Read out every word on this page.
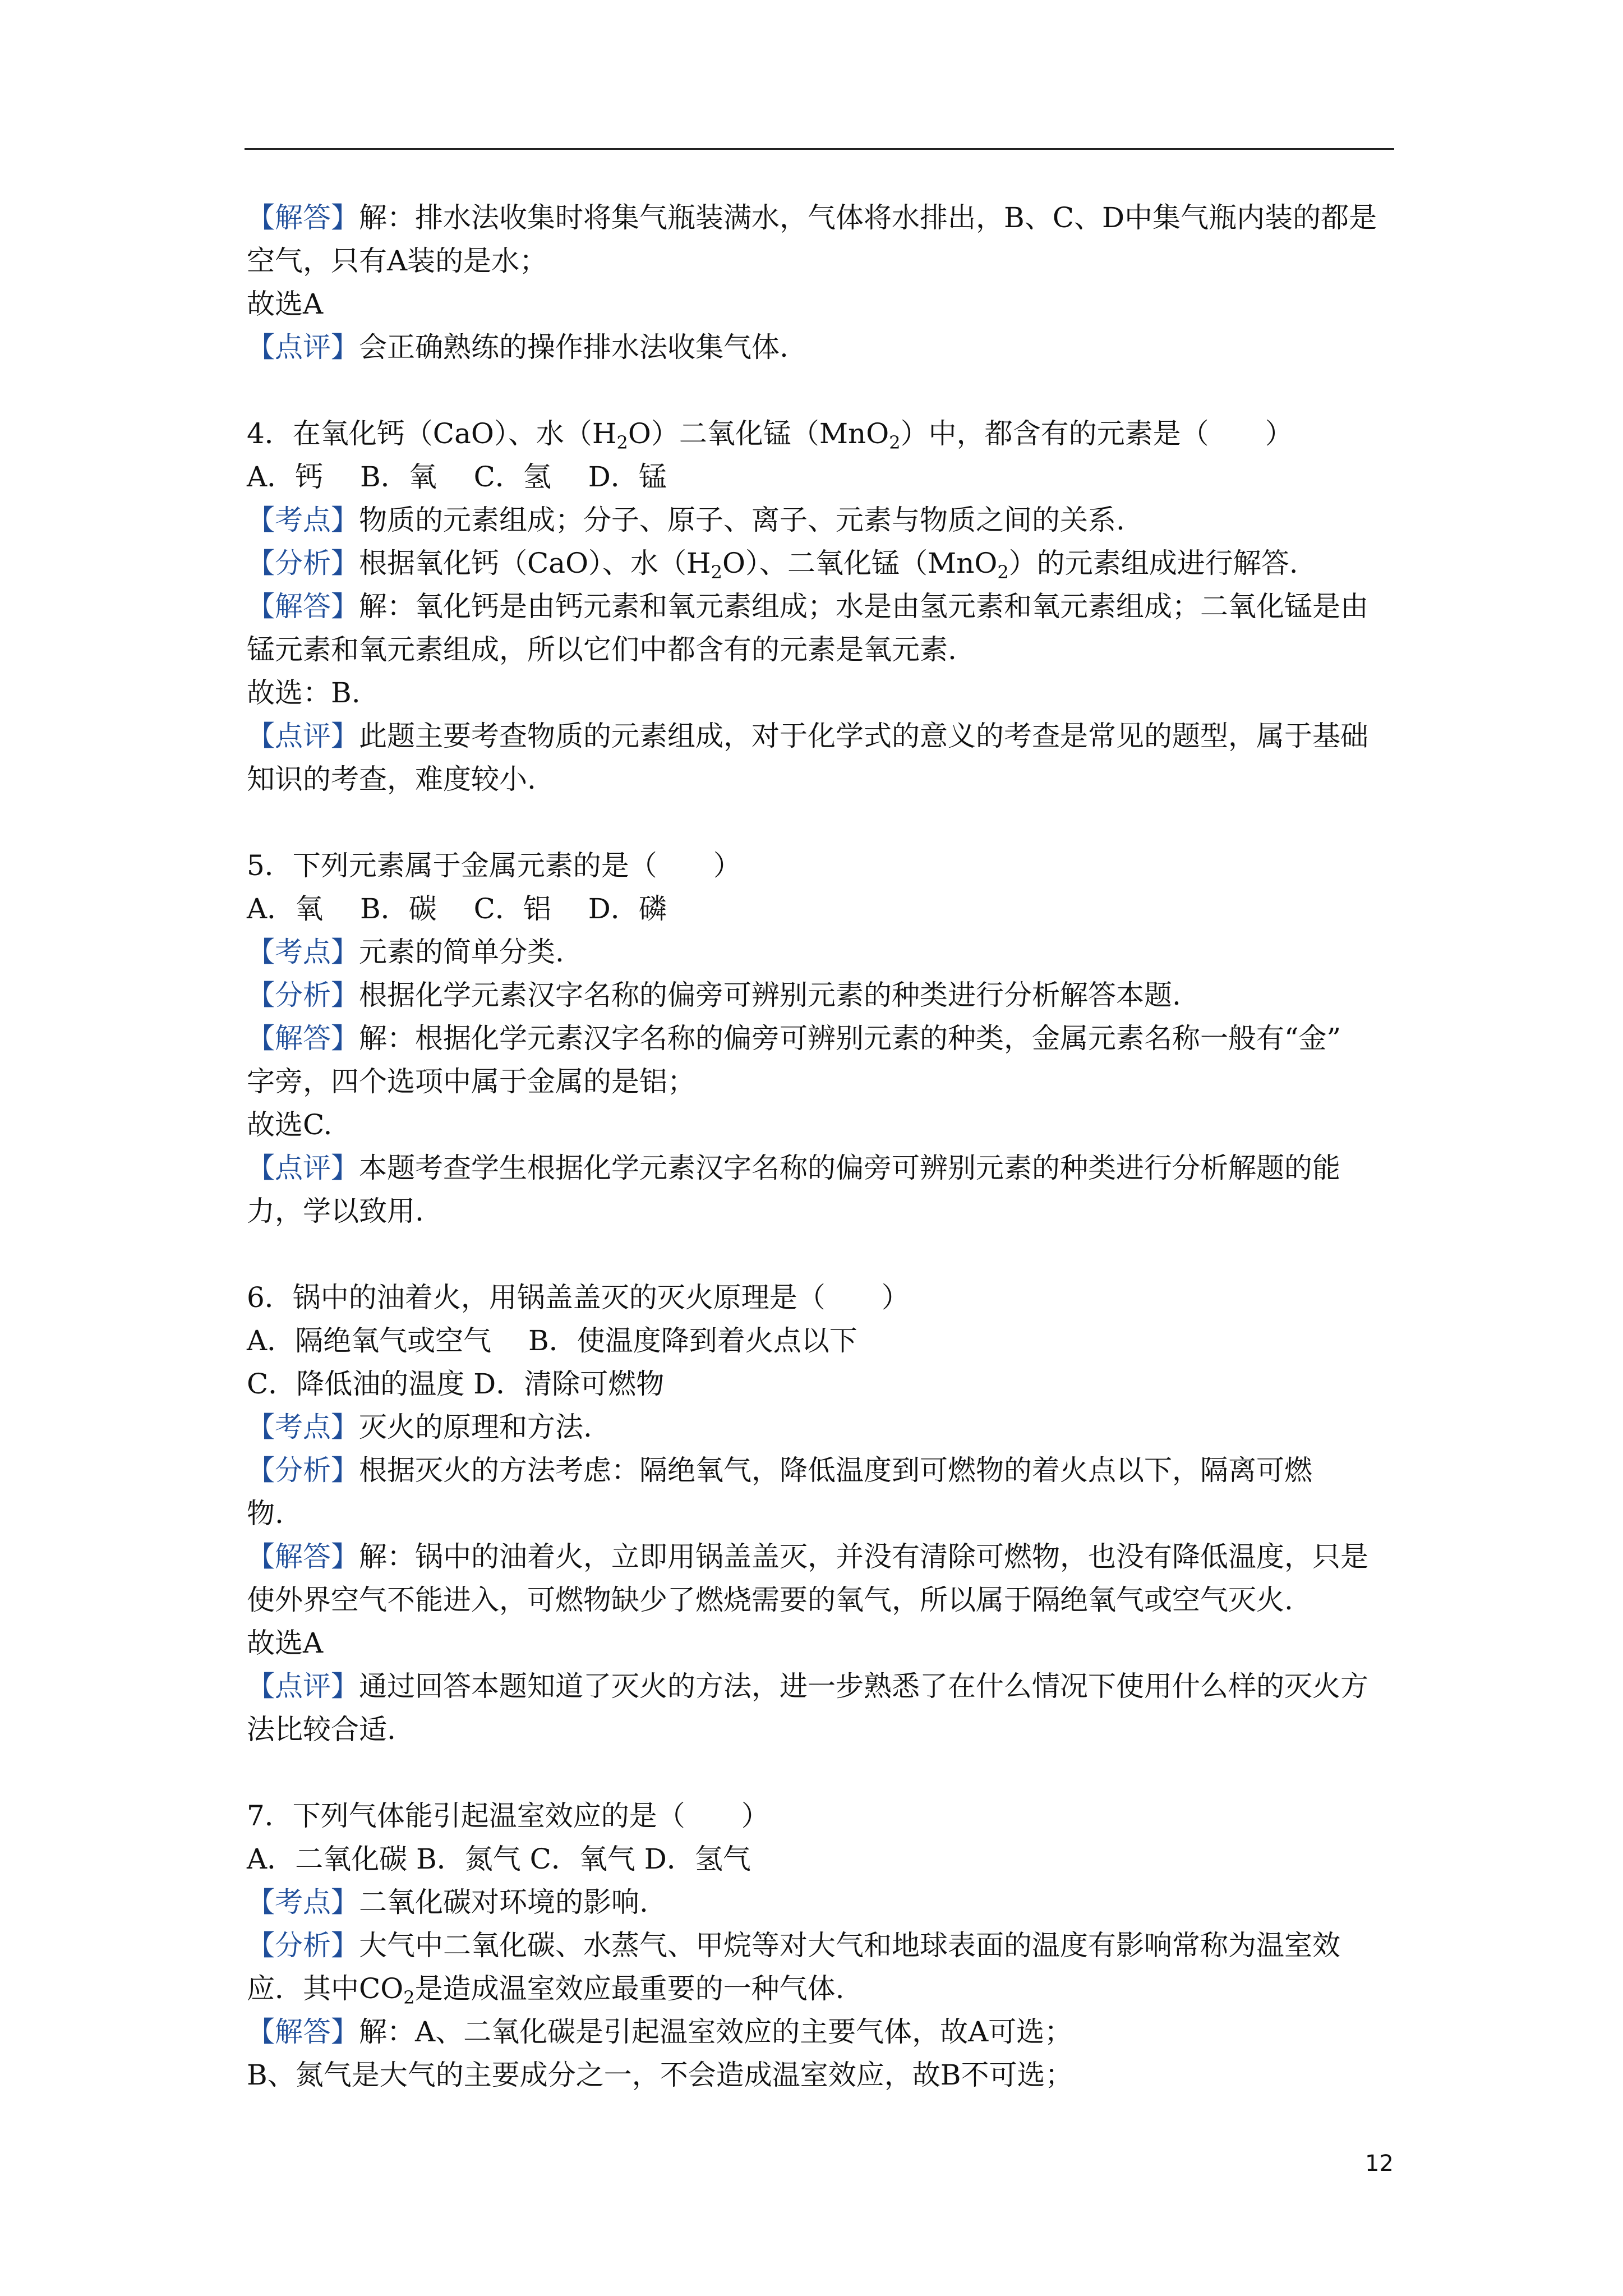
【解答】解：排水法收集时将集气瓶装满水，气体将水排出，B、C、D中集气瓶内装的都是
空气，只有A装的是水；
故选A
【点评】会正确熟练的操作排水法收集气体.
4．在氧化钙（CaO）、水$(H_2O)$二氧化锰（MnO$_2$）中，都含有的元素是（　　）
A．钙　 B．氧　 C．氢　 D．锰
【考点】物质的元素组成；分子、原子、离子、元素与物质之间的关系.
【分析】根据氧化钙（CaO）、水$(H_2O)$、二氧化锰（MnO$_2$）的元素组成进行解答.
【解答】解：氧化钙是由钙元素和氧元素组成；水是由氢元素和氧元素组成；二氧化锰是由
锰元素和氧元素组成，所以它们中都含有的元素是氧元素.
故选：B.
【点评】此题主要考查物质的元素组成，对于化学式的意义的考查是常见的题型，属于基础
知识的考查，难度较小.
5．下列元素属于金属元素的是（　　）
A．氧　 B．碳　 C．铝　 D．磷
【考点】元素的简单分类.
【分析】根据化学元素汉字名称的偏旁可辨别元素的种类进行分析解答本题.
【解答】解：根据化学元素汉字名称的偏旁可辨别元素的种类，金属元素名称一般有“金”
字旁，四个选项中属于金属的是铝；
故选C.
【点评】本题考查学生根据化学元素汉字名称的偏旁可辨别元素的种类进行分析解题的能
力，学以致用.
6．锅中的油着火，用锅盖盖灭的灭火原理是（　　）
A．隔绝氧气或空气　 B．使温度降到着火点以下
C．降低油的温度 D．清除可燃物
【考点】灭火的原理和方法.
【分析】根据灭火的方法考虑：隔绝氧气，降低温度到可燃物的着火点以下，隔离可燃
物.
【解答】解：锅中的油着火，立即用锅盖盖灭，并没有清除可燃物，也没有降低温度，只是
使外界空气不能进入，可燃物缺少了燃烧需要的氧气，所以属于隔绝氧气或空气灭火.
故选A
【点评】通过回答本题知道了灭火的方法，进一步熟悉了在什么情况下使用什么样的灭火方
法比较合适.
7．下列气体能引起温室效应的是（　　）
A．二氧化碳 B．氮气 C．氧气 D．氢气
【考点】二氧化碳对环境的影响.
【分析】大气中二氧化碳、水蒸气、甲烷等对大气和地球表面的温度有影响常称为温室效
应．其中$CO_2$是造成温室效应最重要的一种气体.
【解答】解：A、二氧化碳是引起温室效应的主要气体，故A可选；
B、氮气是大气的主要成分之一，不会造成温室效应，故B不可选；
12
